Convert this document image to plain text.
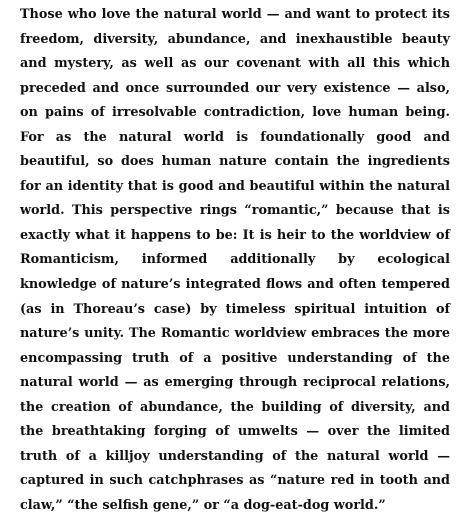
Those who love the natural world — and want to protect its freedom, diversity, abundance, and inexhaustible beauty and mystery, as well as our covenant with all this which preceded and once surrounded our very existence — also, on pains of irresolvable contradiction, love human being. For as the natural world is foundationally good and beautiful, so does human nature contain the ingredients for an identity that is good and beautiful within the natural world. This perspective rings “romantic,” because that is exactly what it happens to be: It is heir to the worldview of Romanticism, informed additionally by ecological knowledge of nature’s integrated flows and often tempered (as in Thoreau’s case) by timeless spiritual intuition of nature’s unity. The Romantic worldview embraces the more encompassing truth of a positive understanding of the natural world — as emerging through reciprocal relations, the creation of abundance, the building of diversity, and the breathtaking forging of umwelts — over the limited truth of a killjoy understanding of the natural world —captured in such catchphrases as “nature red in tooth and claw,” “the selfish gene,” or “a dog-eat-dog world.”
